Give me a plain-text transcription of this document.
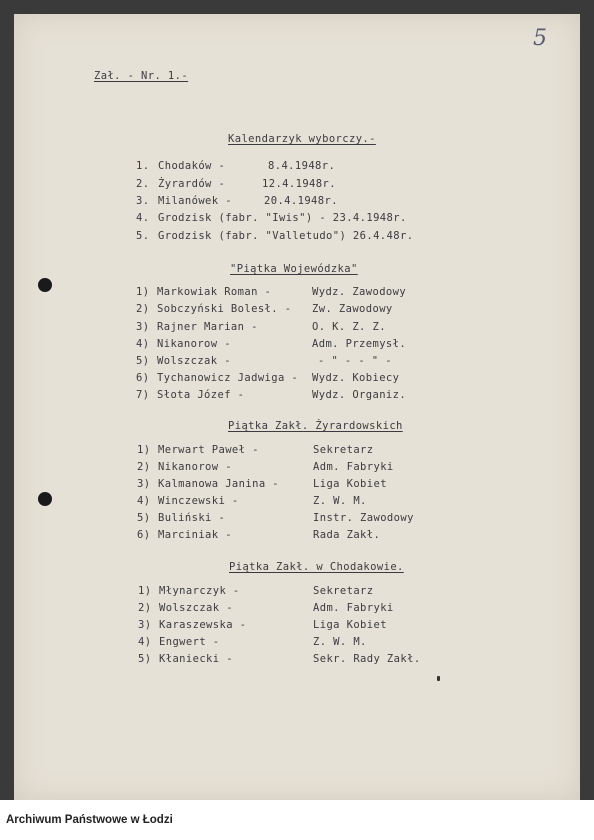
5
Zał. - Nr. 1.-
Kalendarzyk wyborczy.-
1. Chodaków -	8.4.1948r.
2. Żyrardów -	12.4.1948r.
3. Milanówek -	20.4.1948r.
4. Grodzisk (fabr. "Iwis") - 23.4.1948r.
5. Grodzisk (fabr. "Valletudo") 26.4.48r.
"Piątka Wojewódzka"
1) Markowiak Roman -	Wydz. Zawodowy
2) Sobczyński Bolesł. - Zw. Zawodowy
3) Rajner Marian -	O. K. Z. Z.
4) Nikanorow -	Adm. Przemysł.
5) Wolszczak -	- " - - " -
6) Tychanowicz Jadwiga - Wydz. Kobiecy
7) Słota Józef -	Wydz. Organiz.
Piątka Zakł. Żyrardowskich
1) Merwart Paweł -	Sekretarz
2) Nikanorow -	Adm. Fabryki
3) Kalmanowa Janina -	Liga Kobiet
4) Winczewski -	Z. W. M.
5) Buliński -	Instr. Zawodowy
6) Marciniak -	Rada Zakł.
Piątka Zakł. w Chodakowie.
1) Młynarczyk -	Sekretarz
2) Wolszczak -	Adm. Fabryki
3) Karaszewska -	Liga Kobiet
4) Engwert -	Z. W. M.
5) Kłaniecki -	Sekr. Rady Zakł.
Archiwum Państwowe w Łodzi
